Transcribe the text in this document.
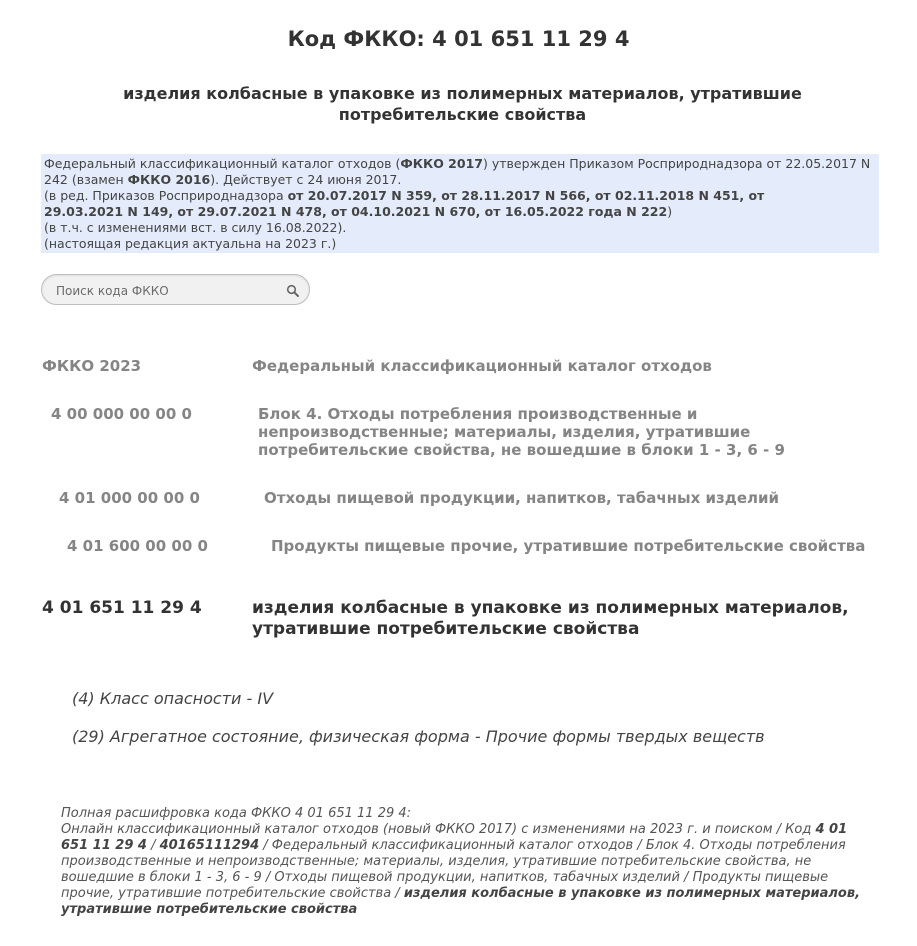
Код ФККО: 4 01 651 11 29 4
изделия колбасные в упаковке из полимерных материалов, утратившие потребительские свойства
Федеральный классификационный каталог отходов (ФККО 2017) утвержден Приказом Росприроднадзора от 22.05.2017 N 242 (взамен ФККО 2016). Действует с 24 июня 2017.
(в ред. Приказов Росприроднадзора от 20.07.2017 N 359, от 28.11.2017 N 566, от 02.11.2018 N 451, от
29.03.2021 N 149, от 29.07.2021 N 478, от 04.10.2021 N 670, от 16.05.2022 года N 222)
(в т.ч. с изменениями вст. в силу 16.08.2022).
(настоящая редакция актуальна на 2023 г.)
Поиск кода ФККО
ФККО 2023	Федеральный классификационный каталог отходов
4 00 000 00 00 0	Блок 4. Отходы потребления производственные и непроизводственные; материалы, изделия, утратившие потребительские свойства, не вошедшие в блоки 1 - 3, 6 - 9
4 01 000 00 00 0	Отходы пищевой продукции, напитков, табачных изделий
4 01 600 00 00 0	Продукты пищевые прочие, утратившие потребительские свойства
4 01 651 11 29 4	изделия колбасные в упаковке из полимерных материалов, утратившие потребительские свойства
(4) Класс опасности - IV
(29) Агрегатное состояние, физическая форма - Прочие формы твердых веществ
Полная расшифровка кода ФККО 4 01 651 11 29 4:
Онлайн классификационный каталог отходов (новый ФККО 2017) с изменениями на 2023 г. и поиском / Код 4 01 651 11 29 4 / 40165111294 / Федеральный классификационный каталог отходов / Блок 4. Отходы потребления производственные и непроизводственные; материалы, изделия, утратившие потребительские свойства, не вошедшие в блоки 1 - 3, 6 - 9 / Отходы пищевой продукции, напитков, табачных изделий / Продукты пищевые прочие, утратившие потребительские свойства / изделия колбасные в упаковке из полимерных материалов, утратившие потребительские свойства
